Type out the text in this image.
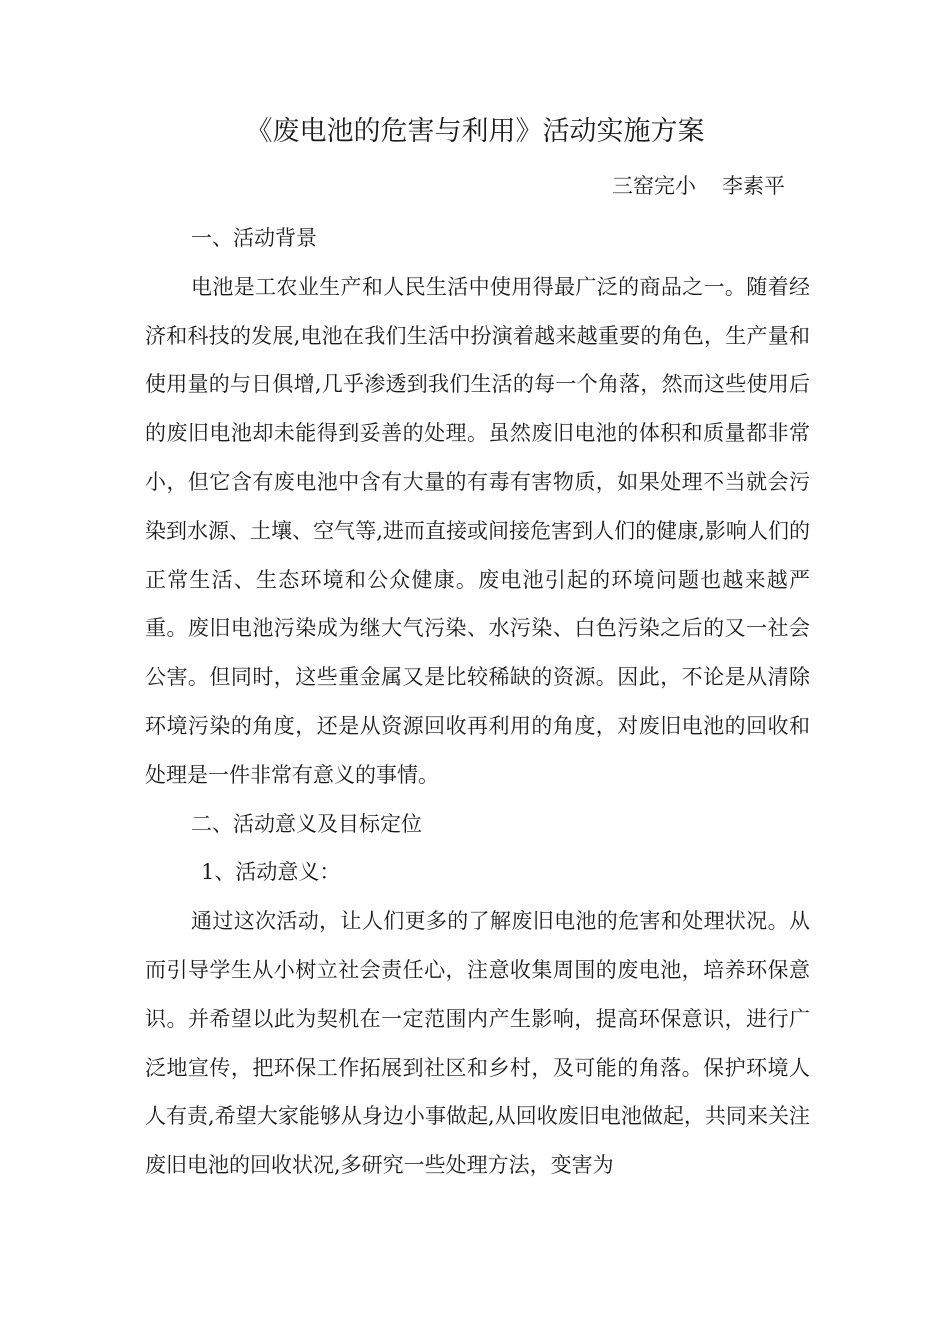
《废电池的危害与利用》活动实施方案
三窑完小 李素平

一、活动背景

电池是工农业生产和人民生活中使用得最广泛的商品之一。随着经济和科技的发展,电池在我们生活中扮演着越来越重要的角色，生产量和使用量的与日俱增,几乎渗透到我们生活的每一个角落，然而这些使用后的废旧电池却未能得到妥善的处理。虽然废旧电池的体积和质量都非常小，但它含有废电池中含有大量的有毒有害物质，如果处理不当就会污染到水源、土壤、空气等,进而直接或间接危害到人们的健康,影响人们的正常生活、生态环境和公众健康。废电池引起的环境问题也越来越严重。废旧电池污染成为继大气污染、水污染、白色污染之后的又一社会公害。但同时，这些重金属又是比较稀缺的资源。因此，不论是从清除环境污染的角度，还是从资源回收再利用的角度，对废旧电池的回收和处理是一件非常有意义的事情。

二、活动意义及目标定位

1、活动意义：

通过这次活动，让人们更多的了解废旧电池的危害和处理状况。从而引导学生从小树立社会责任心，注意收集周围的废电池，培养环保意识。并希望以此为契机在一定范围内产生影响，提高环保意识，进行广泛地宣传，把环保工作拓展到社区和乡村，及可能的角落。保护环境人人有责,希望大家能够从身边小事做起,从回收废旧电池做起，共同来关注废旧电池的回收状况,多研究一些处理方法，变害为
